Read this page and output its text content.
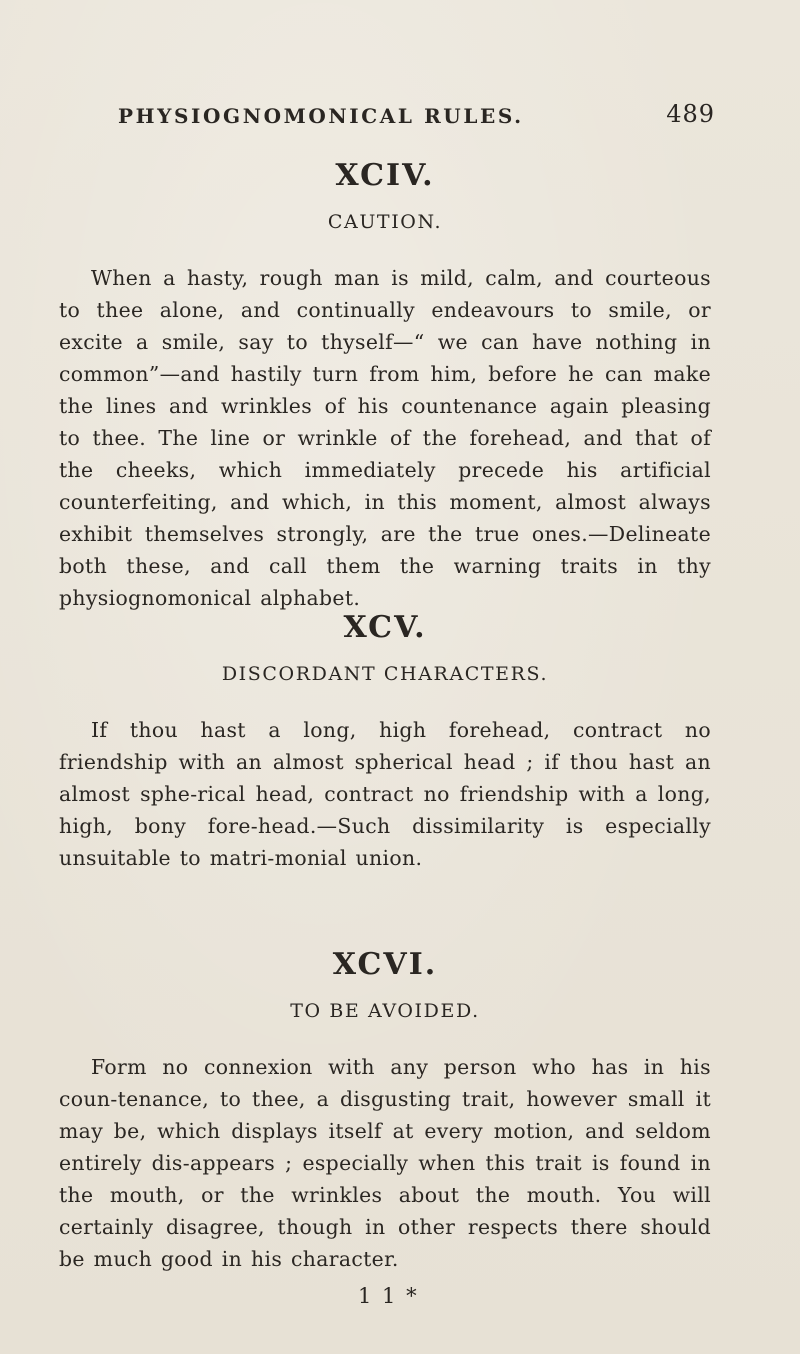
PHYSIOGNOMONICAL RULES.	489
XCIV.
CAUTION.

When a hasty, rough man is mild, calm, and courteous to thee alone, and continually endeavours to smile, or excite a smile, say to thyself—“ we can have nothing in common”—and hastily turn from him, before he can make the lines and wrinkles of his countenance again pleasing to thee. The line or wrinkle of the forehead, and that of the cheeks, which immediately precede his artificial counterfeiting, and which, in this moment, almost always exhibit themselves strongly, are the true ones.—Delineate both these, and call them the warning traits in thy physiognomonical alphabet.

XCV.
DISCORDANT CHARACTERS.

If thou hast a long, high forehead, contract no friendship with an almost spherical head ; if thou hast an almost sphe-rical head, contract no friendship with a long, high, bony fore-head.—Such dissimilarity is especially unsuitable to matri-monial union.

XCVI.
TO BE AVOIDED.

Form no connexion with any person who has in his coun-tenance, to thee, a disgusting trait, however small it may be, which displays itself at every motion, and seldom entirely dis-appears ; especially when this trait is found in the mouth, or the wrinkles about the mouth. You will certainly disagree, though in other respects there should be much good in his character.

1 1 *
